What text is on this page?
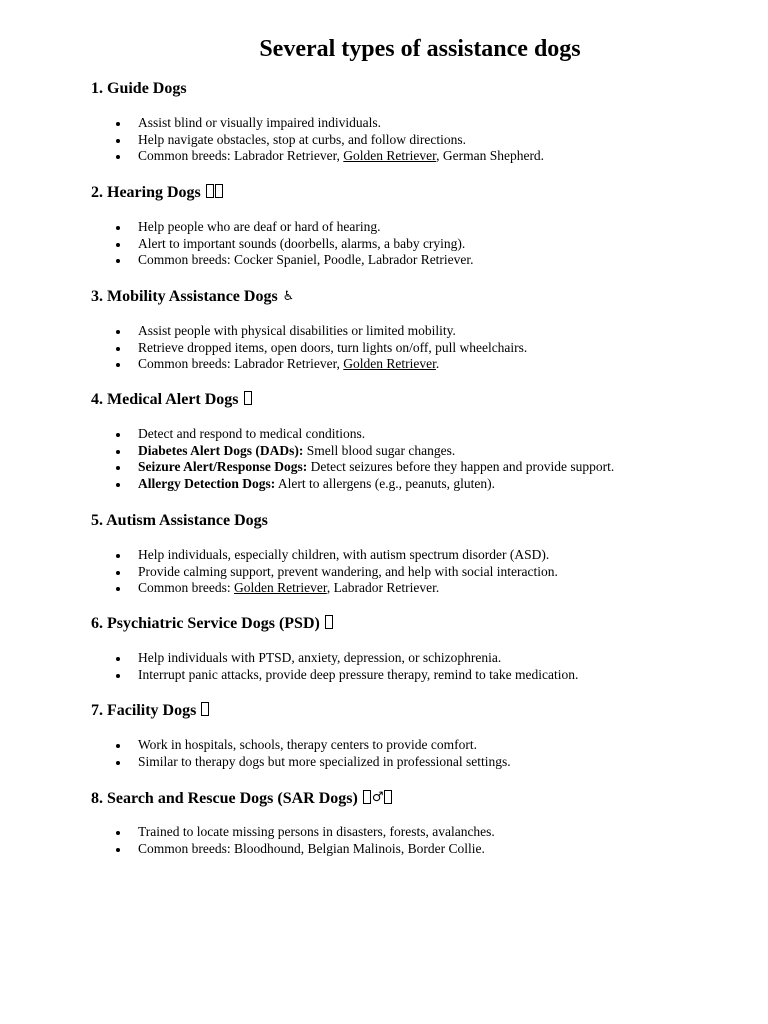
Several types of assistance dogs
1. Guide Dogs
Assist blind or visually impaired individuals.
Help navigate obstacles, stop at curbs, and follow directions.
Common breeds: Labrador Retriever, Golden Retriever, German Shepherd.
2. Hearing Dogs
Help people who are deaf or hard of hearing.
Alert to important sounds (doorbells, alarms, a baby crying).
Common breeds: Cocker Spaniel, Poodle, Labrador Retriever.
3. Mobility Assistance Dogs ♿
Assist people with physical disabilities or limited mobility.
Retrieve dropped items, open doors, turn lights on/off, pull wheelchairs.
Common breeds: Labrador Retriever, Golden Retriever.
4. Medical Alert Dogs
Detect and respond to medical conditions.
Diabetes Alert Dogs (DADs): Smell blood sugar changes.
Seizure Alert/Response Dogs: Detect seizures before they happen and provide support.
Allergy Detection Dogs: Alert to allergens (e.g., peanuts, gluten).
5. Autism Assistance Dogs
Help individuals, especially children, with autism spectrum disorder (ASD).
Provide calming support, prevent wandering, and help with social interaction.
Common breeds: Golden Retriever, Labrador Retriever.
6. Psychiatric Service Dogs (PSD)
Help individuals with PTSD, anxiety, depression, or schizophrenia.
Interrupt panic attacks, provide deep pressure therapy, remind to take medication.
7. Facility Dogs
Work in hospitals, schools, therapy centers to provide comfort.
Similar to therapy dogs but more specialized in professional settings.
8. Search and Rescue Dogs (SAR Dogs) ♂
Trained to locate missing persons in disasters, forests, avalanches.
Common breeds: Bloodhound, Belgian Malinois, Border Collie.
